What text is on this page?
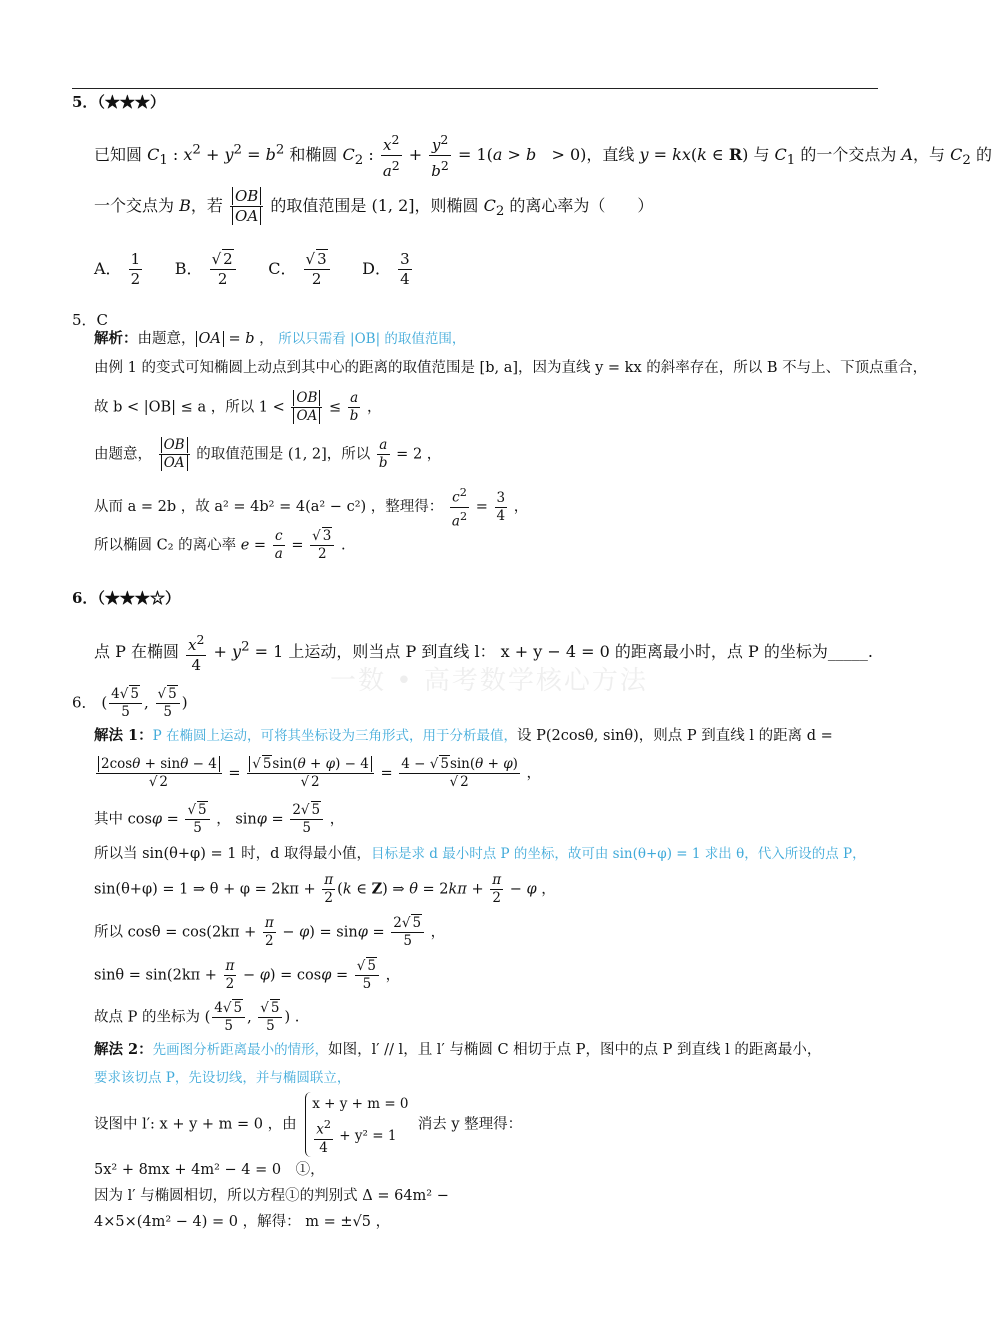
一数 • 高考数学核心方法
5．（★★★）
已知圆 $C_1$ : $x^2 + y^2 = b^2$ 和椭圆 $C_2$ : $\frac{x^2}{a^2} + \frac{y^2}{b^2} = 1(a > b > 0)$，直线 y = kx(k ∈ R) 与 $C_1$ 的一个交点为 A，与 $C_2$ 的
一个交点为 B，若 $\frac{OB}{OA}$ 的取值范围是 (1, 2]，则椭圆 $C_2$ 的离心率为（　　）
A． $\frac{1}{2}$ B． $\frac{√ 2}{2}$ C． $\frac{√ 3}{2}$ D． $\frac{3}{4}$
5．C
解析：由题意， OA = b ， 所以只需看 |OB| 的取值范围，
由例 1 的变式可知椭圆上动点到其中心的距离的取值范围是 [b, a]，因为直线 y = kx 的斜率存在，所以 B 不与上、下顶点重合，
故 b < |OB| ≤ a ，所以 $1 < \frac{OB}{OA} \le \frac{a}{b}$ ，
由题意， $\frac{OB}{OA}$ 的取值范围是 (1, 2]，所以 $\frac{a}{b} = 2$ ，
从而 a = 2b ，故 a² = 4b² = 4(a² − c²) ，整理得： $\frac{c^2}{a^2} = \frac{3}{4}$ ，
所以椭圆 C₂ 的离心率 $e = \frac{c}{a} = \frac{√ 3}{2}$ .
6．（★★★☆）
点 P 在椭圆 $\frac{x^2}{4} + y^2 = 1$ 上运动，则当点 P 到直线 l： x + y − 4 = 0 的距离最小时，点 P 的坐标为_____.
6． ( $\frac{4√ 5}{5}$ , $\frac{√ 5}{5}$ )
解法 1：P 在椭圆上运动，可将其坐标设为三角形式，用于分析最值，设 P(2cosθ, sinθ)，则点 P 到直线 l 的距离 d =
$\frac{2\cos\theta + \sin\theta - 4}{√ 2} = \frac{√ 5\sin(\theta + \varphi) - 4}{√ 2} = \frac{4 - √ 5\sin(\theta + \varphi)}{√ 2}$ ，
其中 $\cos\varphi = \frac{√ 5}{5}$ ， $\sin\varphi = \frac{2√ 5}{5}$ ，
所以当 sin(θ+φ) = 1 时，d 取得最小值，目标是求 d 最小时点 P 的坐标，故可由 sin(θ+φ) = 1 求出 θ，代入所设的点 P，
sin(θ+φ) = 1 ⇒ $\theta + \varphi = 2k\pi + \frac{\pi}{2} (k$ ∈ Z) ⇒ $\theta = 2k\pi + \frac{\pi}{2} - \varphi$ ，
所以 $\cos\theta = \cos(2k\pi + \frac{\pi}{2} - \varphi) = \sin\varphi = \frac{2√ 5}{5}$ ，
$\sin\theta = \sin(2k\pi + \frac{\pi}{2} - \varphi) = \cos\varphi = \frac{√ 5}{5}$ ，
故点 P 的坐标为 ( $\frac{4√ 5}{5}$ , $\frac{√ 5}{5}$ ) .
解法 2：先画图分析距离最小的情形，如图，l′ // l，且 l′ 与椭圆 C 相切于点 P，图中的点 P 到直线 l 的距离最小，
要求该切点 P，先设切线，并与椭圆联立，
设图中 l′: x + y + m = 0 ，由
x + y + m = 0
$\frac{x^2}{4} + y^2 = 1$
消去 y 整理得：
5x² + 8mx + 4m² − 4 = 0　①，
因为 l′ 与椭圆相切，所以方程①的判别式 Δ = 64m² −
4×5×(4m² − 4) = 0 ，解得： m = ±√5 ，
